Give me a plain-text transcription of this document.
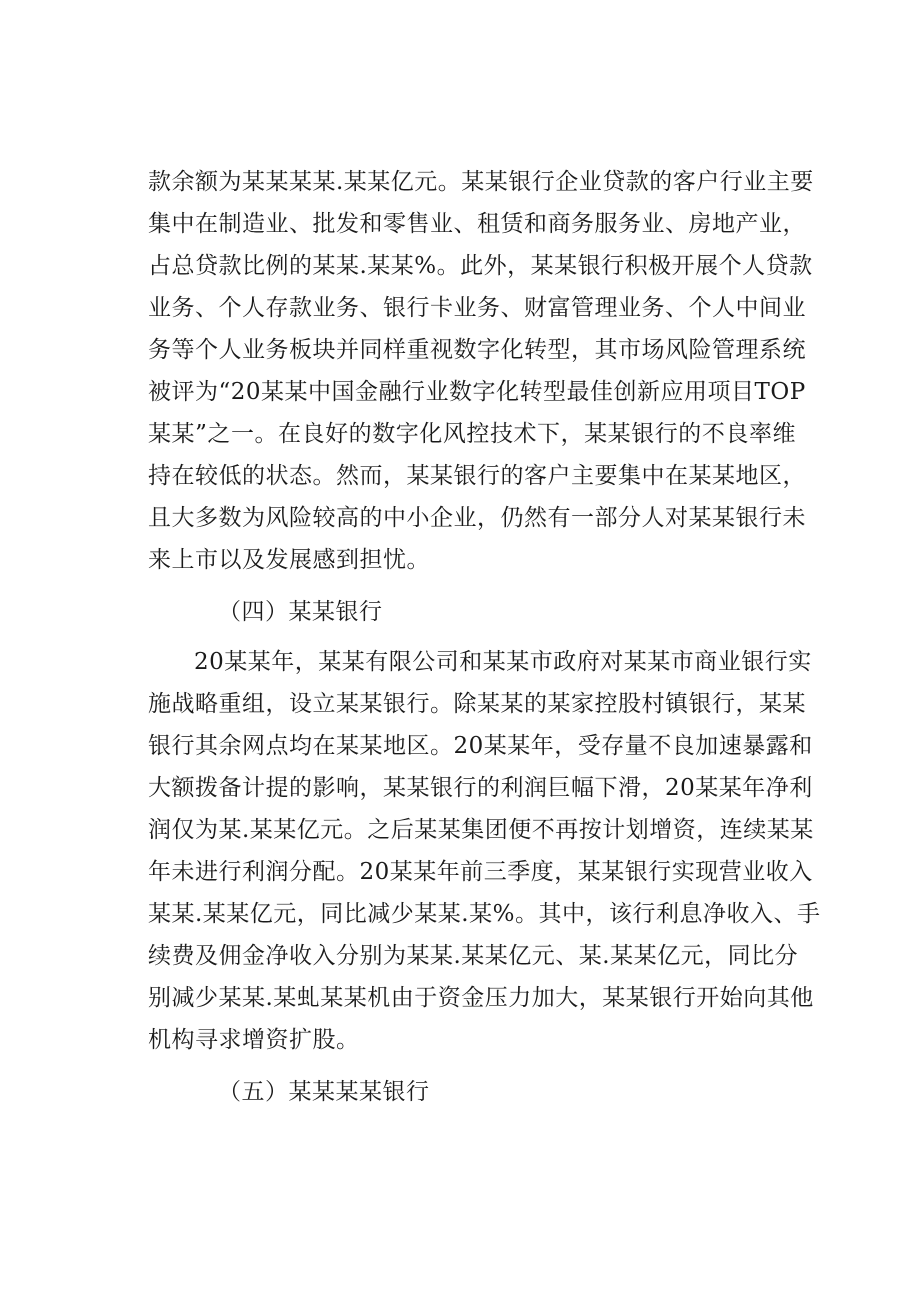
款余额为某某某某.某某亿元。某某银行企业贷款的客户行业主要
集中在制造业、批发和零售业、租赁和商务服务业、房地产业，
占总贷款比例的某某.某某%。此外，某某银行积极开展个人贷款
业务、个人存款业务、银行卡业务、财富管理业务、个人中间业
务等个人业务板块并同样重视数字化转型，其市场风险管理系统
被评为“20某某中国金融行业数字化转型最佳创新应用项目TOP
某某”之一。在良好的数字化风控技术下，某某银行的不良率维
持在较低的状态。然而，某某银行的客户主要集中在某某地区，
且大多数为风险较高的中小企业，仍然有一部分人对某某银行未
来上市以及发展感到担忧。
（四）某某银行
20某某年，某某有限公司和某某市政府对某某市商业银行实
施战略重组，设立某某银行。除某某的某家控股村镇银行，某某
银行其余网点均在某某地区。20某某年，受存量不良加速暴露和
大额拨备计提的影响，某某银行的利润巨幅下滑，20某某年净利
润仅为某.某某亿元。之后某某集团便不再按计划增资，连续某某
年未进行利润分配。20某某年前三季度，某某银行实现营业收入
某某.某某亿元，同比减少某某.某%。其中，该行利息净收入、手
续费及佣金净收入分别为某某.某某亿元、某.某某亿元，同比分
别减少某某.某虬某某机由于资金压力加大，某某银行开始向其他
机构寻求增资扩股。
（五）某某某某银行
